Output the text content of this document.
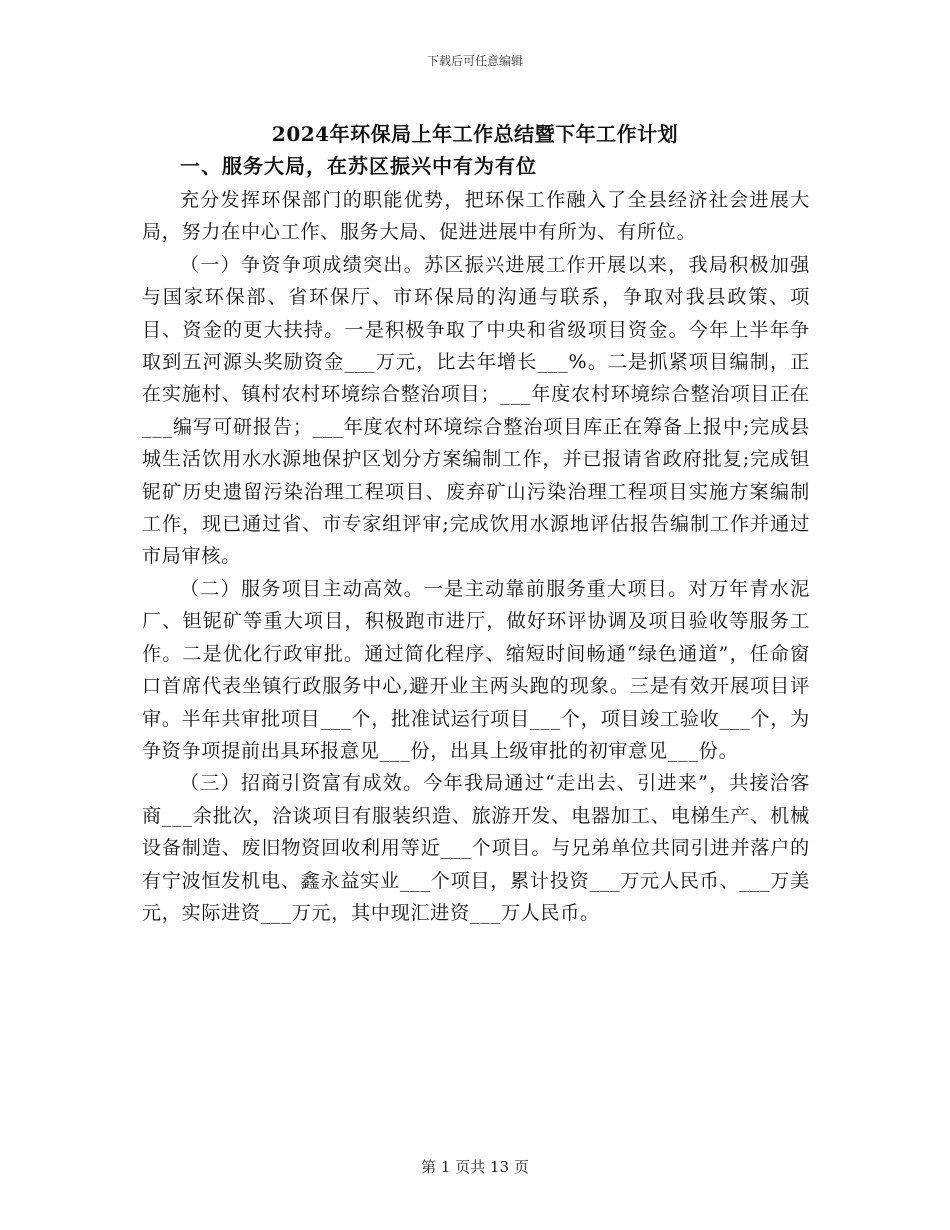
下载后可任意编辑
2024年环保局上年工作总结暨下年工作计划
一、服务大局，在苏区振兴中有为有位

充分发挥环保部门的职能优势，把环保工作融入了全县经济社会进展大局，努力在中心工作、服务大局、促进进展中有所为、有所位。

（一）争资争项成绩突出。苏区振兴进展工作开展以来，我局积极加强与国家环保部、省环保厅、市环保局的沟通与联系，争取对我县政策、项目、资金的更大扶持。一是积极争取了中央和省级项目资金。今年上半年争取到五河源头奖励资金___万元，比去年增长___%。二是抓紧项目编制，正在实施村、镇村农村环境综合整治项目；___年度农村环境综合整治项目正在___编写可研报告；___年度农村环境综合整治项目库正在筹备上报中;完成县城生活饮用水水源地保护区划分方案编制工作，并已报请省政府批复;完成钽铌矿历史遗留污染治理工程项目、废弃矿山污染治理工程项目实施方案编制工作，现已通过省、市专家组评审;完成饮用水源地评估报告编制工作并通过市局审核。

（二）服务项目主动高效。一是主动靠前服务重大项目。对万年青水泥厂、钽铌矿等重大项目，积极跑市进厅，做好环评协调及项目验收等服务工作。二是优化行政审批。通过简化程序、缩短时间畅通“绿色通道”，任命窗口首席代表坐镇行政服务中心,避开业主两头跑的现象。三是有效开展项目评审。半年共审批项目___个，批准试运行项目___个，项目竣工验收___个，为争资争项提前出具环报意见___份，出具上级审批的初审意见___份。

（三）招商引资富有成效。今年我局通过“走出去、引进来”，共接洽客商___余批次，洽谈项目有服装织造、旅游开发、电器加工、电梯生产、机械设备制造、废旧物资回收利用等近___个项目。与兄弟单位共同引进并落户的有宁波恒发机电、鑫永益实业___个项目，累计投资___万元人民币、___万美元，实际进资___万元，其中现汇进资___万人民币。

第 1 页共 13 页
